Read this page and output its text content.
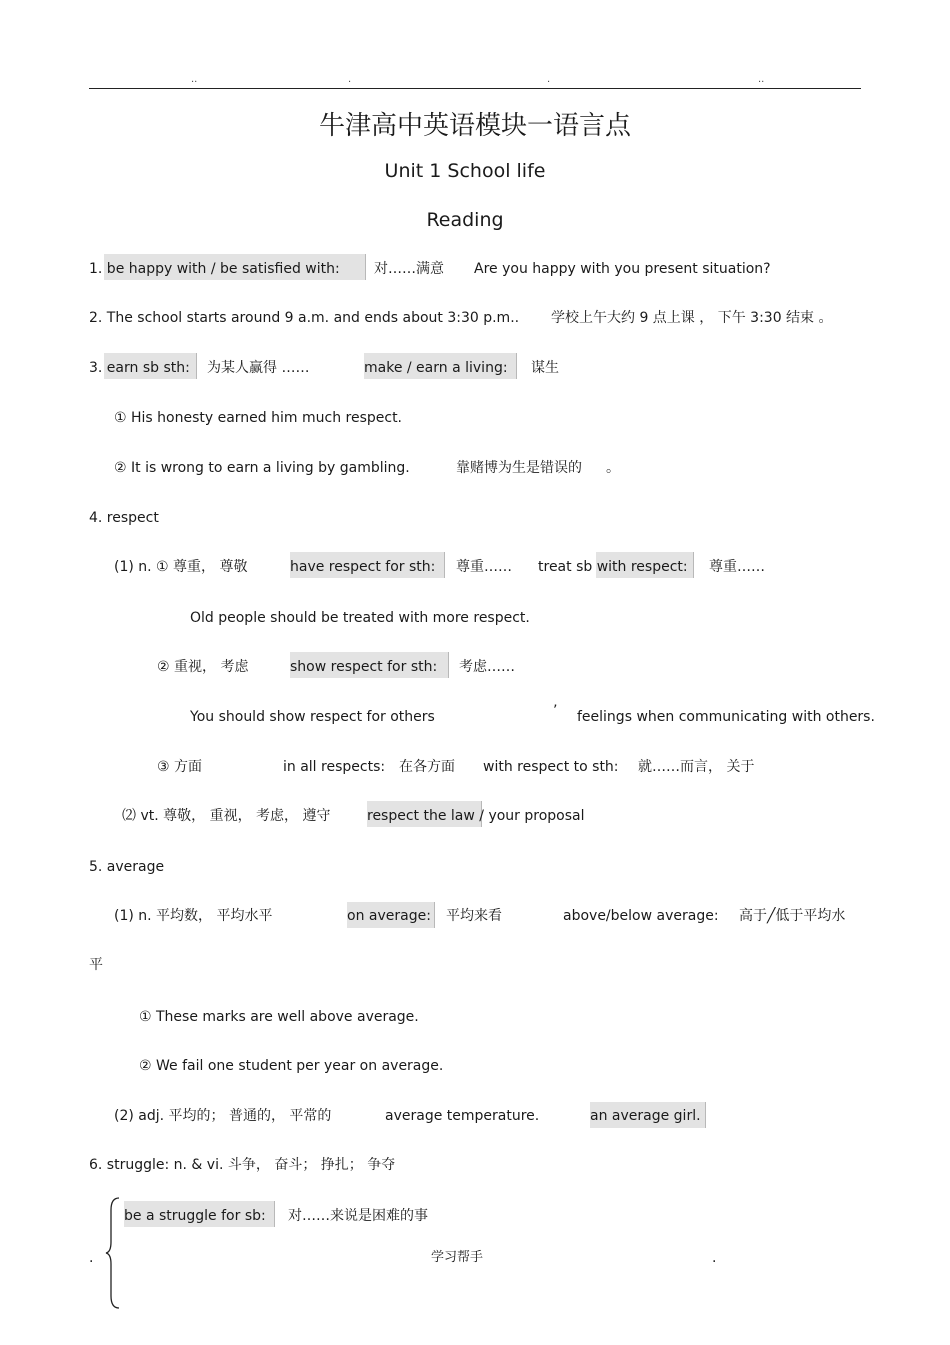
..	.	.	..
牛津高中英语模块一语言点
Unit 1 School life
Reading
1. be happy with / be satisfied with: 对……满意 Are you happy with you present situation?
2. The school starts around 9 a.m. and ends about 3:30 p.m.. 学校上午大约 9 点上课 ， 下午 3:30 结束 。
3. earn sb sth: 为某人赢得 ……	make / earn a living: 谋生
① His honesty earned him much respect.
② It is wrong to earn a living by gambling.	靠赌博为生是错误的 。
4. respect
(1) n. ① 尊重， 尊敬	have respect for sth: 尊重…… treat sb with respect: 尊重……
Old people should be treated with more respect.
② 重视， 考虑	show respect for sth: 考虑……
You should show respect for others	’ feelings when communicating with others.
③ 方面	in all respects: 在各方面 with respect to sth: 就……而言， 关于
⑵ vt. 尊敬， 重视， 考虑， 遵守	respect the law / your proposal
5. average
(1) n. 平均数， 平均水平	on average: 平均来看	above/below average: 高于╱低于平均水
平
① These marks are well above average.
② We fail one student per year on average.
(2) adj. 平均的； 普通的， 平常的	average temperature.	an average girl.
6. struggle: n. & vi. 斗争， 奋斗； 挣扎； 争夺
be a struggle for sb: 对……来说是困难的事
.	学习帮手	.
